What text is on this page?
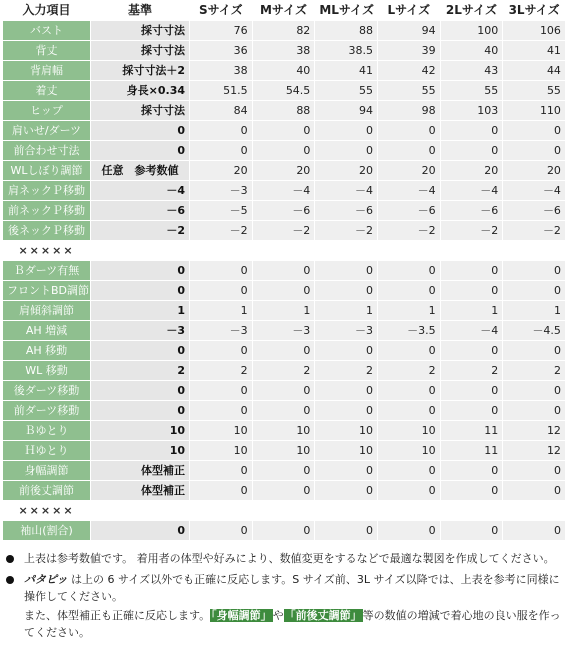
入力項目	基準	Sサイズ	Mサイズ	MLサイズ	Lサイズ	2Lサイズ	3Lサイズ
バスト	採寸寸法	76	82	88	94	100	106
背丈	採寸寸法	36	38	38.5	39	40	41
背肩幅	採寸寸法＋2	38	40	41	42	43	44
着丈	身長×0.34	51.5	54.5	55	55	55	55
ヒップ	採寸寸法	84	88	94	98	103	110
肩いせ/ダーツ	0	0	0	0	0	0	0
前合わせ寸法	0	0	0	0	0	0	0
WLしぼり調節	任意　参考数値	20	20	20	20	20	20
肩ネックＰ移動	－4	－3	－4	－4	－4	－4	－4
前ネックＰ移動	－6	－5	－6	－6	－6	－6	－6
後ネックＰ移動	－2	－2	－2	－2	－2	－2	－2
×××××							
Ｂダーツ有無	0	0	0	0	0	0	0
フロントBD調節	0	0	0	0	0	0	0
肩傾斜調節	1	1	1	1	1	1	1
AH 増減	－3	－3	－3	－3	－3.5	－4	－4.5
AH 移動	0	0	0	0	0	0	0
WL 移動	2	2	2	2	2	2	2
後ダーツ移動	0	0	0	0	0	0	0
前ダーツ移動	0	0	0	0	0	0	0
Ｂゆとり	10	10	10	10	10	11	12
Ｈゆとり	10	10	10	10	10	11	12
身幅調節	体型補正	0	0	0	0	0	0
前後丈調節	体型補正	0	0	0	0	0	0
×××××							
袖山(割合)	0	0	0	0	0	0	0
上表は参考数値です。 着用者の体型や好みにより、数値変更をするなどで最適な製図を作成してください。
パタピッ は上の 6 サイズ以外でも正確に反応します。S サイズ前、3L サイズ以降では、上表を参考に同様に操作してください。
また、体型補正も正確に反応します。「身幅調節」や「前後丈調節」等の数値の増減で着心地の良い服を作ってください。
